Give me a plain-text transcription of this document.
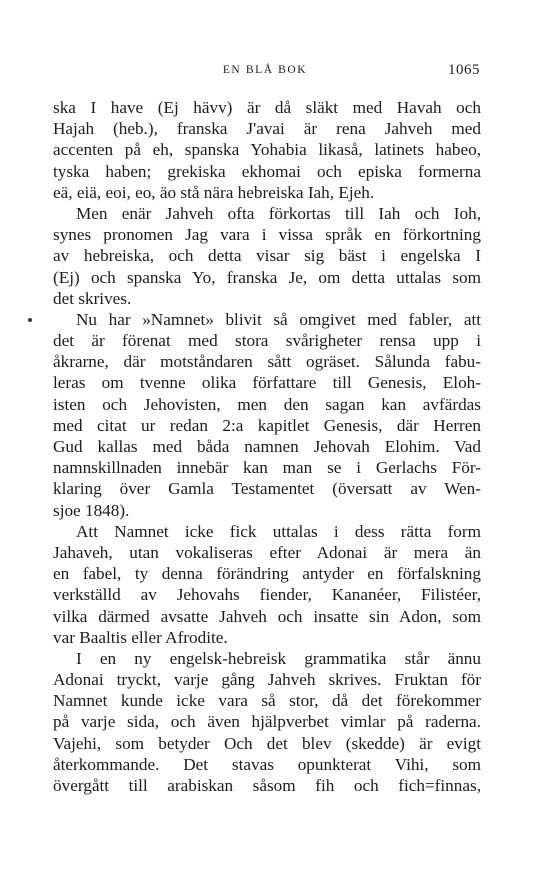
EN BLÅ BOK	1065
ska I have (Ej hävv) är då släkt med Havah och
Hajah (heb.), franska J'avai är rena Jahveh med
accenten på eh, spanska Yohabia likaså, latinets habeo,
tyska haben; grekiska ekhomai och episka formerna
eä, eiä, eoi, eo, äo stå nära hebreiska Iah, Ejeh.
Men enär Jahveh ofta förkortas till Iah och Ioh,
synes pronomen Jag vara i vissa språk en förkortning
av hebreiska, och detta visar sig bäst i engelska I
(Ej) och spanska Yo, franska Je, om detta uttalas som
det skrives.
Nu har »Namnet» blivit så omgivet med fabler, att
det är förenat med stora svårigheter rensa upp i
åkrarne, där motståndaren sått ogräset. Sålunda fabu-
leras om tvenne olika författare till Genesis, Eloh-
isten och Jehovisten, men den sagan kan avfärdas
med citat ur redan 2:a kapitlet Genesis, där Herren
Gud kallas med båda namnen Jehovah Elohim. Vad
namnskillnaden innebär kan man se i Gerlachs För-
klaring över Gamla Testamentet (översatt av Wen-
sjoe 1848).
Att Namnet icke fick uttalas i dess rätta form
Jahaveh, utan vokaliseras efter Adonai är mera än
en fabel, ty denna förändring antyder en förfalskning
verkställd av Jehovahs fiender, Kananéer, Filistéer,
vilka därmed avsatte Jahveh och insatte sin Adon, som
var Baaltis eller Afrodite.
I en ny engelsk-hebreisk grammatika står ännu
Adonai tryckt, varje gång Jahveh skrives. Fruktan för
Namnet kunde icke vara så stor, då det förekommer
på varje sida, och även hjälpverbet vimlar på raderna.
Vajehi, som betyder Och det blev (skedde) är evigt
återkommande. Det stavas opunkterat Vihi, som
övergått till arabiskan såsom fih och fich=finnas,
